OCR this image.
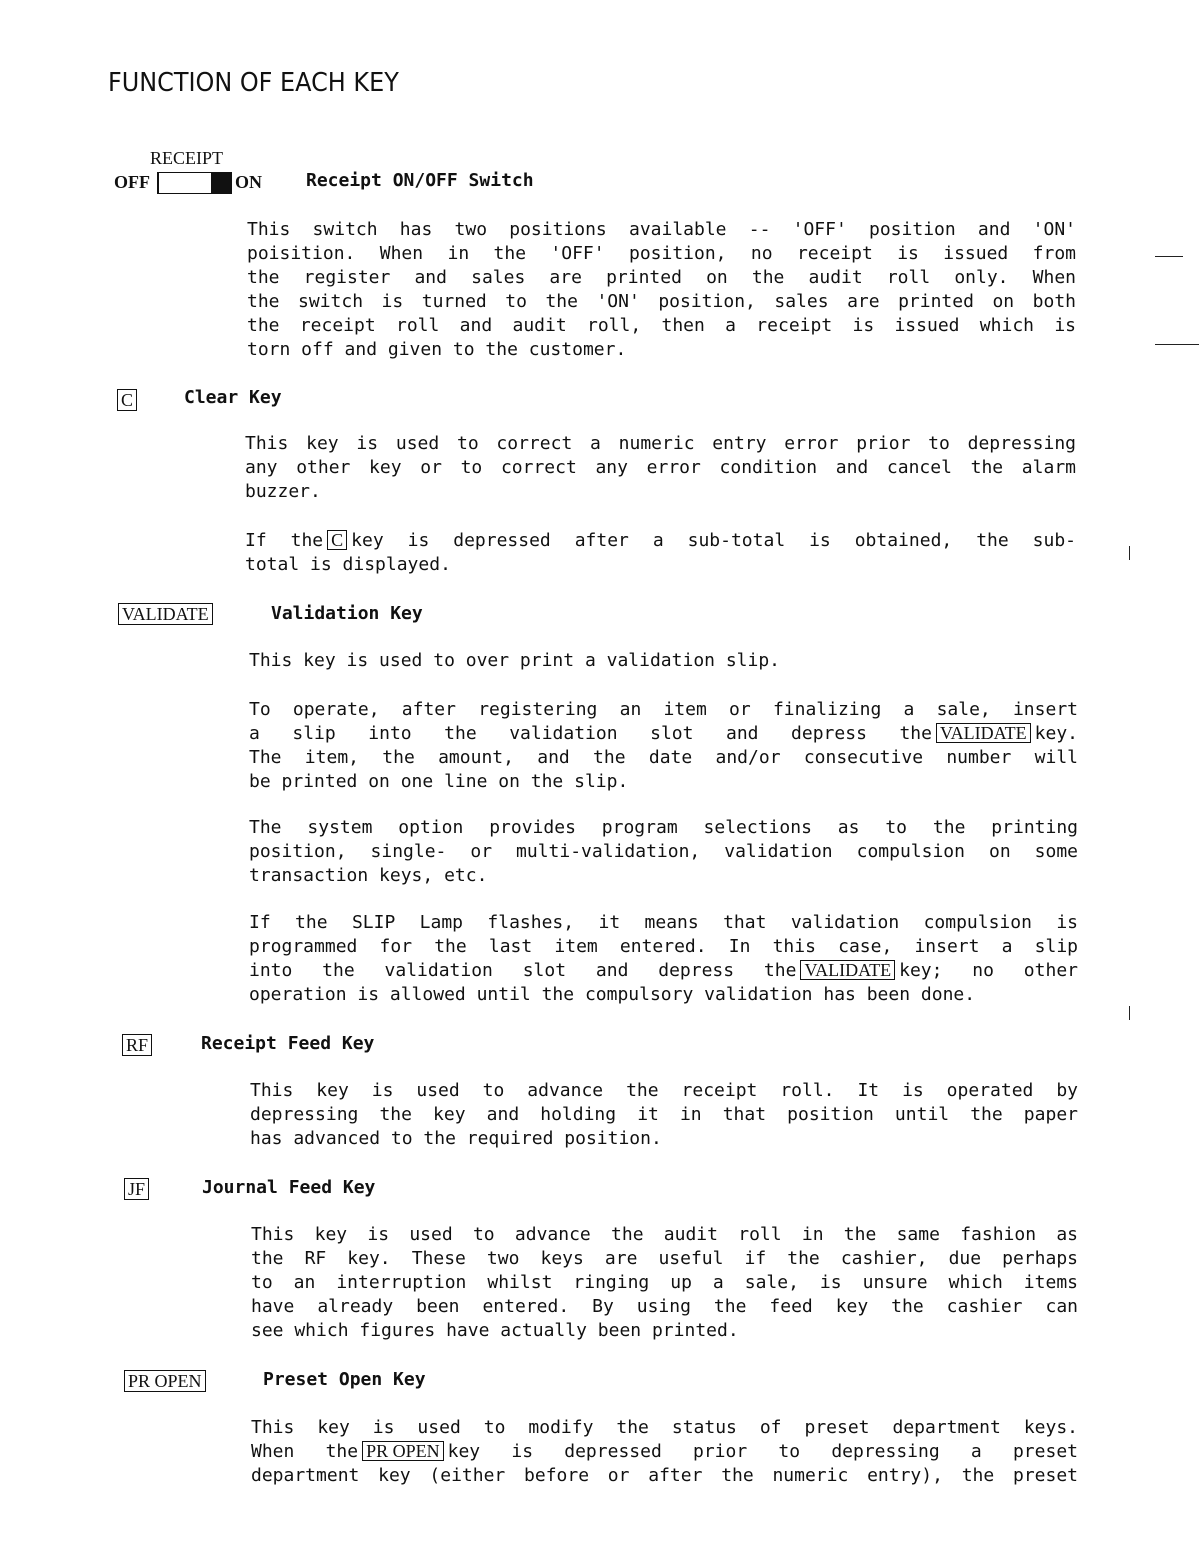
FUNCTION OF EACH KEY
RECEIPT
OFF	ON Receipt ON/OFF Switch
This switch has two positions available -- 'OFF' position and 'ON'
poisition. When in the 'OFF' position, no receipt is issued from
the register and sales are printed on the audit roll only. When
the switch is turned to the 'ON' position, sales are printed on both
the receipt roll and audit roll, then a receipt is issued which is
torn off and given to the customer.
C	Clear Key
This key is used to correct a numeric entry error prior to depressing
any other key or to correct any error condition and cancel the alarm
buzzer.
If the C key is depressed after a sub-total is obtained, the sub-
total is displayed.
VALIDATE	Validation Key
This key is used to over print a validation slip.
To operate, after registering an item or finalizing a sale, insert
a slip into the validation slot and depress the VALIDATE key.
The item, the amount, and the date and/or consecutive number will
be printed on one line on the slip.
The system option provides program selections as to the printing
position, single- or multi-validation, validation compulsion on some
transaction keys, etc.
If the SLIP Lamp flashes, it means that validation compulsion is
programmed for the last item entered. In this case, insert a slip
into the validation slot and depress the VALIDATE key; no other
operation is allowed until the compulsory validation has been done.
RF	Receipt Feed Key
This key is used to advance the receipt roll. It is operated by
depressing the key and holding it in that position until the paper
has advanced to the required position.
JF	Journal Feed Key
This key is used to advance the audit roll in the same fashion as
the RF key. These two keys are useful if the cashier, due perhaps
to an interruption whilst ringing up a sale, is unsure which items
have already been entered. By using the feed key the cashier can
see which figures have actually been printed.
PR OPEN	Preset Open Key
This key is used to modify the status of preset department keys.
When the PR OPEN key is depressed prior to depressing a preset
department key (either before or after the numeric entry), the preset
